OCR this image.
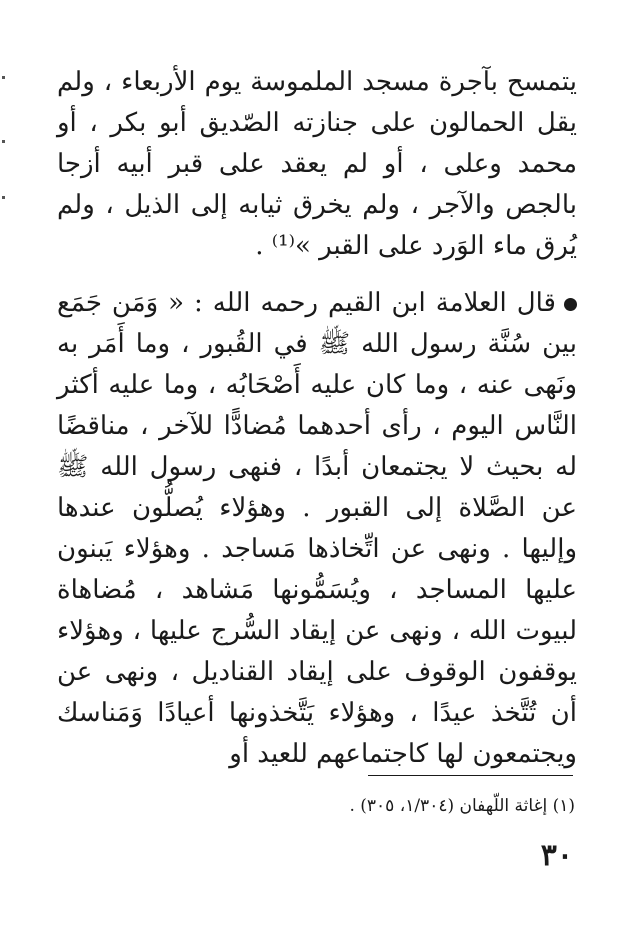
يتمسح بآجرة مسجد الملموسة يوم الأربعاء ، ولم يقل الحمالون على جنازته الصّديق أبو بكر ، أو محمد وعلى ، أو لم يعقد على قبر أبيه أزجا بالجص والآجر ، ولم يخرق ثيابه إلى الذيل ، ولم يُرق ماء الوَرد على القبر »⁽¹⁾ .
قال العلامة ابن القيم رحمه الله : « وَمَن جَمَع بين سُنَّة رسول الله ﷺ في القُبور ، وما أَمَر به ونَهى عنه ، وما كان عليه أَصْحَابُه ، وما عليه أكثر النَّاس اليوم ، رأى أحدهما مُضادًّا للآخر ، مناقضًا له بحيث لا يجتمعان أبدًا ، فنهى رسول الله ﷺ عن الصَّلاة إلى القبور . وهؤلاء يُصلُّون عندها وإليها . ونهى عن اتِّخاذها مَساجد . وهؤلاء يَبنون عليها المساجد ، ويُسَمُّونها مَشاهد ، مُضاهاة لبيوت الله ، ونهى عن إيقاد السُّرج عليها ، وهؤلاء يوقفون الوقوف على إيقاد القناديل ، ونهى عن أن تُتَّخذ عيدًا ، وهؤلاء يَتَّخذونها أعيادًا وَمَناسك ويجتمعون لها كاجتماعهم للعيد أو
(١) إغاثة اللّهفان (١/٣٠٤، ٣٠٥) .
٣٠
